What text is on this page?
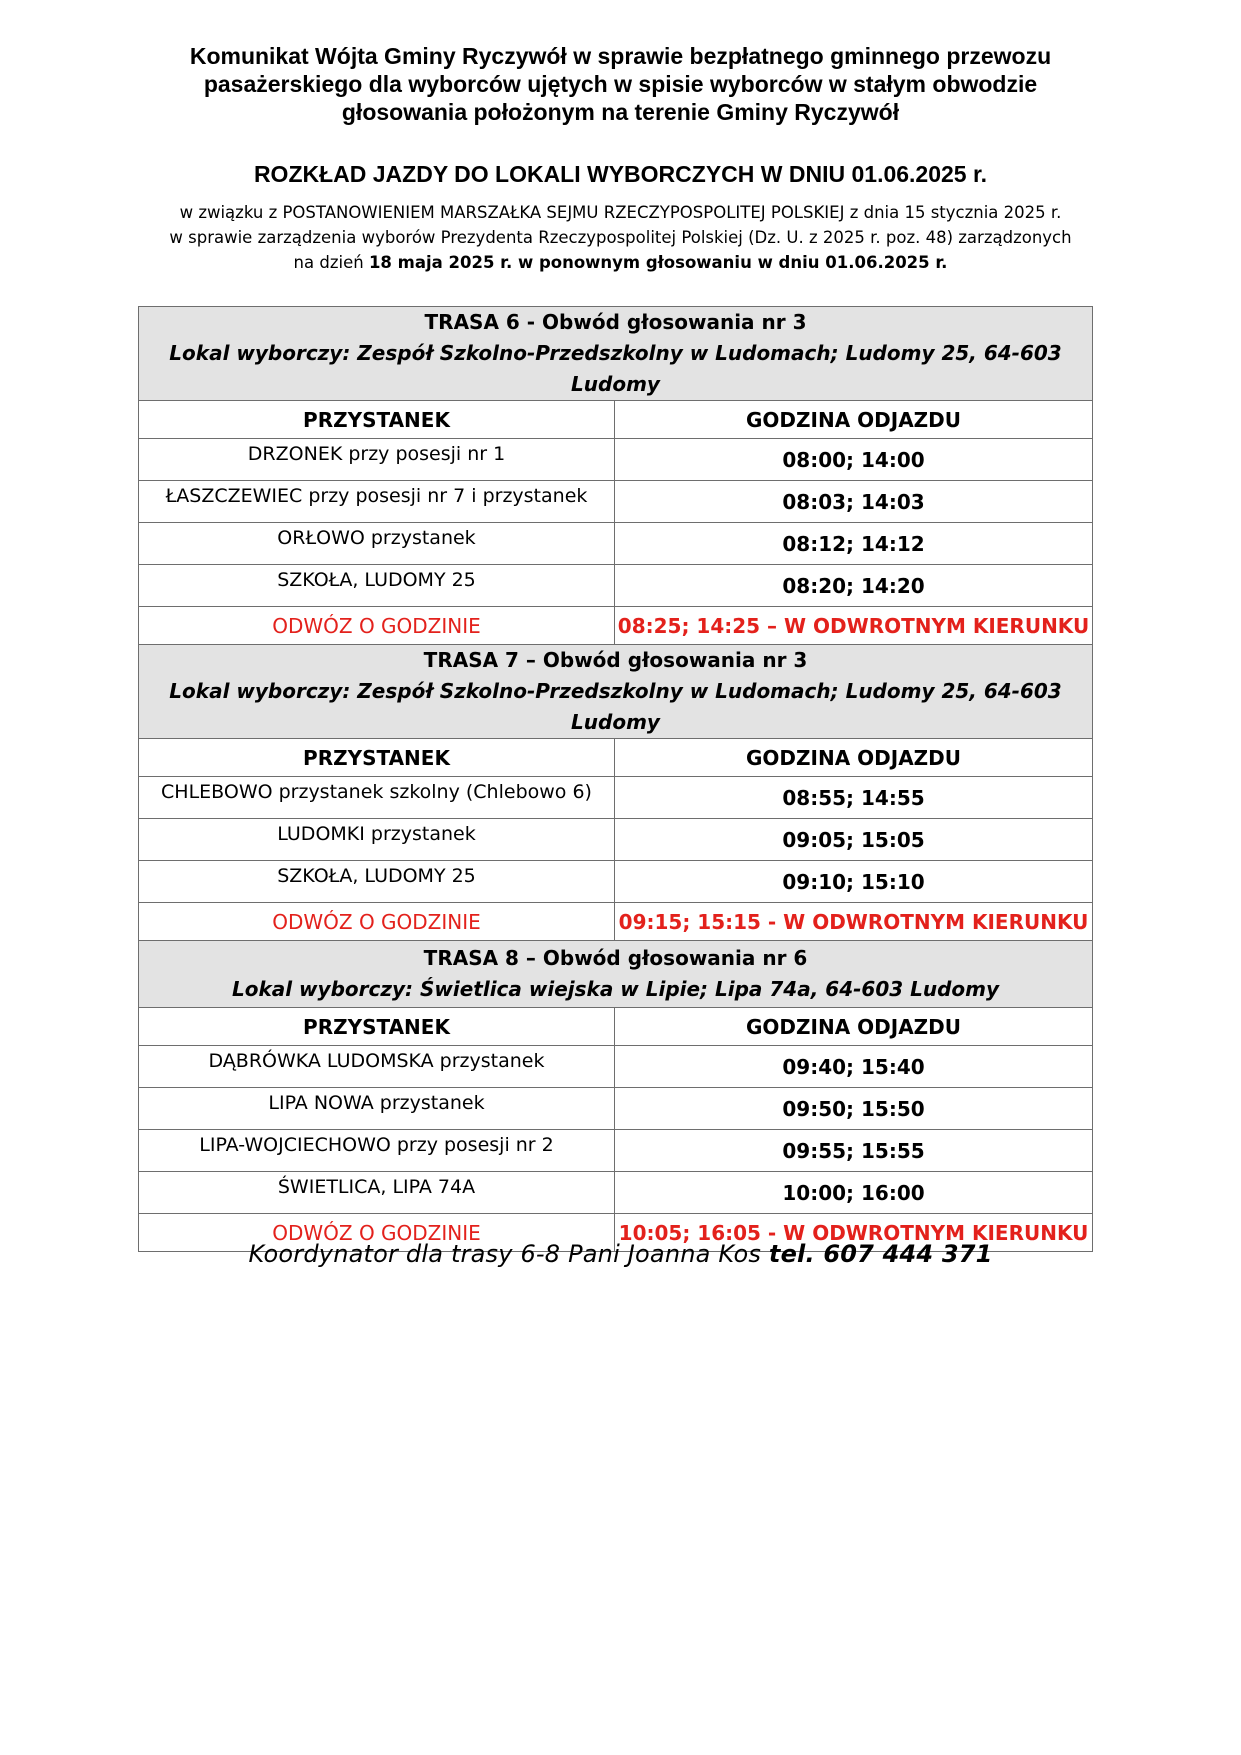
Komunikat Wójta Gminy Ryczywół w sprawie bezpłatnego gminnego przewozu
pasażerskiego dla wyborców ujętych w spisie wyborców w stałym obwodzie
głosowania położonym na terenie Gminy Ryczywół
ROZKŁAD JAZDY DO LOKALI WYBORCZYCH W DNIU 01.06.2025 r.
w związku z POSTANOWIENIEM MARSZAŁKA SEJMU RZECZYPOSPOLITEJ POLSKIEJ z dnia 15 stycznia 2025 r.
w sprawie zarządzenia wyborów Prezydenta Rzeczypospolitej Polskiej (Dz. U. z 2025 r. poz. 48) zarządzonych
na dzień 18 maja 2025 r. w ponownym głosowaniu w dniu 01.06.2025 r.
TRASA 6 - Obwód głosowania nr 3
Lokal wyborczy: Zespół Szkolno-Przedszkolny w Ludomach; Ludomy 25, 64-603 Ludomy	

PRZYSTANEK	GODZINA ODJAZDU
DRZONEK przy posesji nr 1	08:00; 14:00
ŁASZCZEWIEC przy posesji nr 7 i przystanek	08:03; 14:03
ORŁOWO przystanek	08:12; 14:12
SZKOŁA, LUDOMY 25	08:20; 14:20
ODWÓZ O GODZINIE	08:25; 14:25 – W ODWROTNYM KIERUNKU

TRASA 7 – Obwód głosowania nr 3
Lokal wyborczy: Zespół Szkolno-Przedszkolny w Ludomach; Ludomy 25, 64-603 Ludomy	

PRZYSTANEK	GODZINA ODJAZDU
CHLEBOWO przystanek szkolny (Chlebowo 6)	08:55; 14:55
LUDOMKI przystanek	09:05; 15:05
SZKOŁA, LUDOMY 25	09:10; 15:10
ODWÓZ O GODZINIE	09:15; 15:15 - W ODWROTNYM KIERUNKU

TRASA 8 – Obwód głosowania nr 6
Lokal wyborczy: Świetlica wiejska w Lipie; Lipa 74a, 64-603 Ludomy	

PRZYSTANEK	GODZINA ODJAZDU
DĄBRÓWKA LUDOMSKA przystanek	09:40; 15:40
LIPA NOWA przystanek	09:50; 15:50
LIPA-WOJCIECHOWO przy posesji nr 2	09:55; 15:55
ŚWIETLICA, LIPA 74A	10:00; 16:00
ODWÓZ O GODZINIE	10:05; 16:05 - W ODWROTNYM KIERUNKU
Koordynator dla trasy 6-8 Pani Joanna Kos tel. 607 444 371
